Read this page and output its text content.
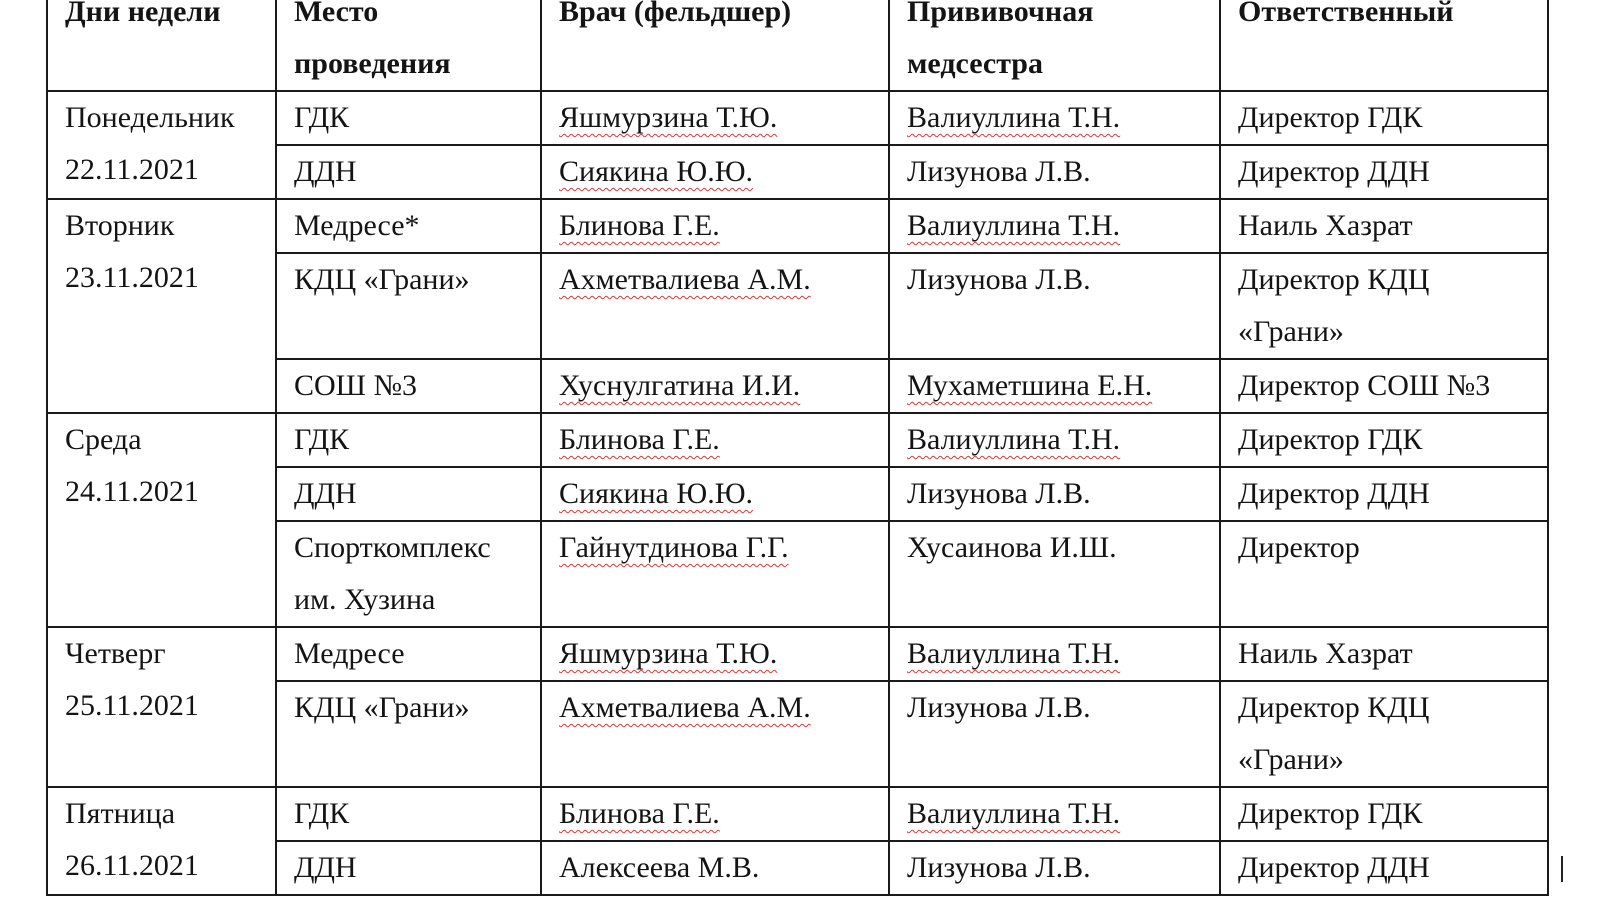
Дни недели	Место проведения	Врач (фельдшер)	Прививочная медсестра	Ответственный

Понедельник
22.11.2021	ГДК	Яшмурзина Т.Ю.	Валиуллина Т.Н.	Директор ГДК
	ДДН	Сиякина Ю.Ю.	Лизунова Л.В.	Директор ДДН

Вторник
23.11.2021	Медресе*	Блинова Г.Е.	Валиуллина Т.Н.	Наиль Хазрат
	КДЦ «Грани»	Ахметвалиева А.М.	Лизунова Л.В.	Директор КДЦ «Грани»
	СОШ №3	Хуснулгатина И.И.	Мухаметшина Е.Н.	Директор СОШ №3

Среда
24.11.2021	ГДК	Блинова Г.Е.	Валиуллина Т.Н.	Директор ГДК
	ДДН	Сиякина Ю.Ю.	Лизунова Л.В.	Директор ДДН
	Спорткомплекс им. Хузина	Гайнутдинова Г.Г.	Хусаинова И.Ш.	Директор

Четверг
25.11.2021	Медресе	Яшмурзина Т.Ю.	Валиуллина Т.Н.	Наиль Хазрат
	КДЦ «Грани»	Ахметвалиева А.М.	Лизунова Л.В.	Директор КДЦ «Грани»

Пятница
26.11.2021	ГДК	Блинова Г.Е.	Валиуллина Т.Н.	Директор ГДК
	ДДН	Алексеева М.В.	Лизунова Л.В.	Директор ДДН
